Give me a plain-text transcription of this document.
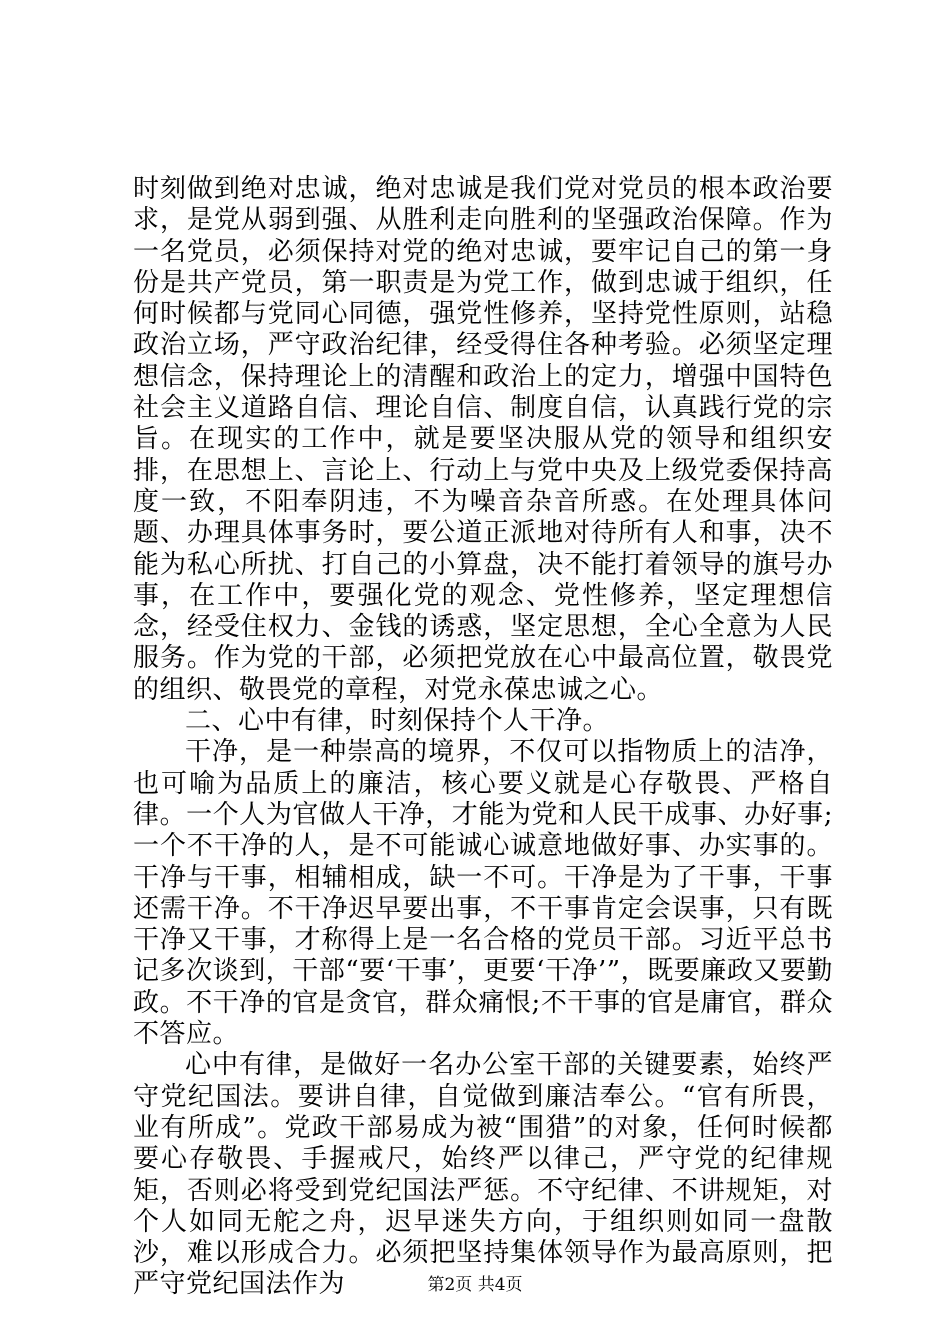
时刻做到绝对忠诚，绝对忠诚是我们党对党员的根本政治要求，是党从弱到强、从胜利走向胜利的坚强政治保障。作为一名党员，必须保持对党的绝对忠诚，要牢记自己的第一身份是共产党员，第一职责是为党工作，做到忠诚于组织，任何时候都与党同心同德，强党性修养，坚持党性原则，站稳政治立场，严守政治纪律，经受得住各种考验。必须坚定理想信念，保持理论上的清醒和政治上的定力，增强中国特色社会主义道路自信、理论自信、制度自信，认真践行党的宗旨。在现实的工作中，就是要坚决服从党的领导和组织安排，在思想上、言论上、行动上与党中央及上级党委保持高度一致，不阳奉阴违，不为噪音杂音所惑。在处理具体问题、办理具体事务时，要公道正派地对待所有人和事，决不能为私心所扰、打自己的小算盘，决不能打着领导的旗号办事，在工作中，要强化党的观念、党性修养，坚定理想信念，经受住权力、金钱的诱惑，坚定思想，全心全意为人民服务。作为党的干部，必须把党放在心中最高位置，敬畏党的组织、敬畏党的章程，对党永葆忠诚之心。

二、心中有律，时刻保持个人干净。

干净，是一种崇高的境界，不仅可以指物质上的洁净，也可喻为品质上的廉洁，核心要义就是心存敬畏、严格自律。一个人为官做人干净，才能为党和人民干成事、办好事;一个不干净的人，是不可能诚心诚意地做好事、办实事的。干净与干事，相辅相成，缺一不可。干净是为了干事，干事还需干净。不干净迟早要出事，不干事肯定会误事，只有既干净又干事，才称得上是一名合格的党员干部。习近平总书记多次谈到，干部“要‘干事’，更要‘干净’”，既要廉政又要勤政。不干净的官是贪官，群众痛恨;不干事的官是庸官，群众不答应。

心中有律，是做好一名办公室干部的关键要素，始终严守党纪国法。要讲自律，自觉做到廉洁奉公。“官有所畏，业有所成”。党政干部易成为被“围猎”的对象，任何时候都要心存敬畏、手握戒尺，始终严以律己，严守党的纪律规矩，否则必将受到党纪国法严惩。不守纪律、不讲规矩，对个人如同无舵之舟，迟早迷失方向，于组织则如同一盘散沙，难以形成合力。必须把坚持集体领导作为最高原则，把严守党纪国法作为	第2页 共4页
